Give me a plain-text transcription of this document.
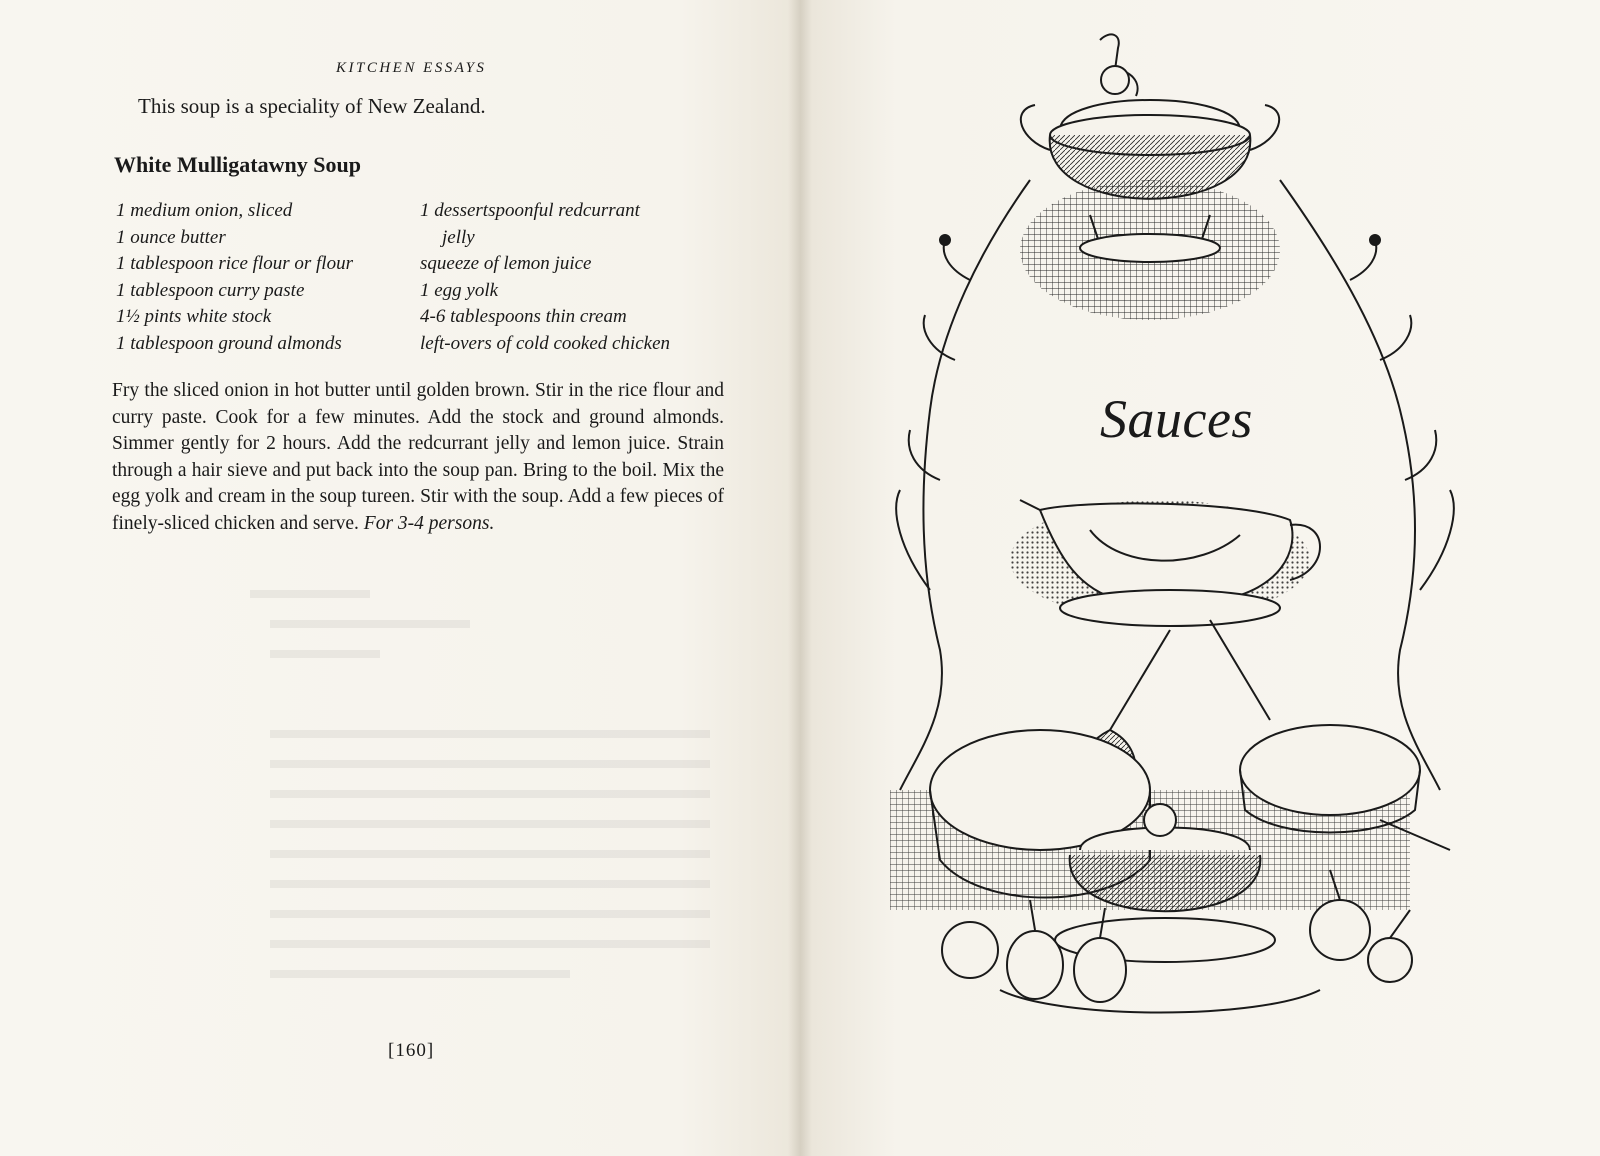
KITCHEN ESSAYS
This soup is a speciality of New Zealand.
White Mulligatawny Soup
1 medium onion, sliced
1 ounce butter
1 tablespoon rice flour or flour
1 tablespoon curry paste
1½ pints white stock
1 tablespoon ground almonds
1 dessertspoonful redcurrant
jelly
squeeze of lemon juice
1 egg yolk
4-6 tablespoons thin cream
left-overs of cold cooked chicken

Fry the sliced onion in hot butter until golden brown. Stir in the rice flour and curry paste. Cook for a few minutes. Add the stock and ground almonds. Simmer gently for 2 hours. Add the redcurrant jelly and lemon juice. Strain through a hair sieve and put back into the soup pan. Bring to the boil. Mix the egg yolk and cream in the soup tureen. Stir with the soup. Add a few pieces of finely-sliced chicken and serve. For 3-4 persons.

[160]
Sauces
